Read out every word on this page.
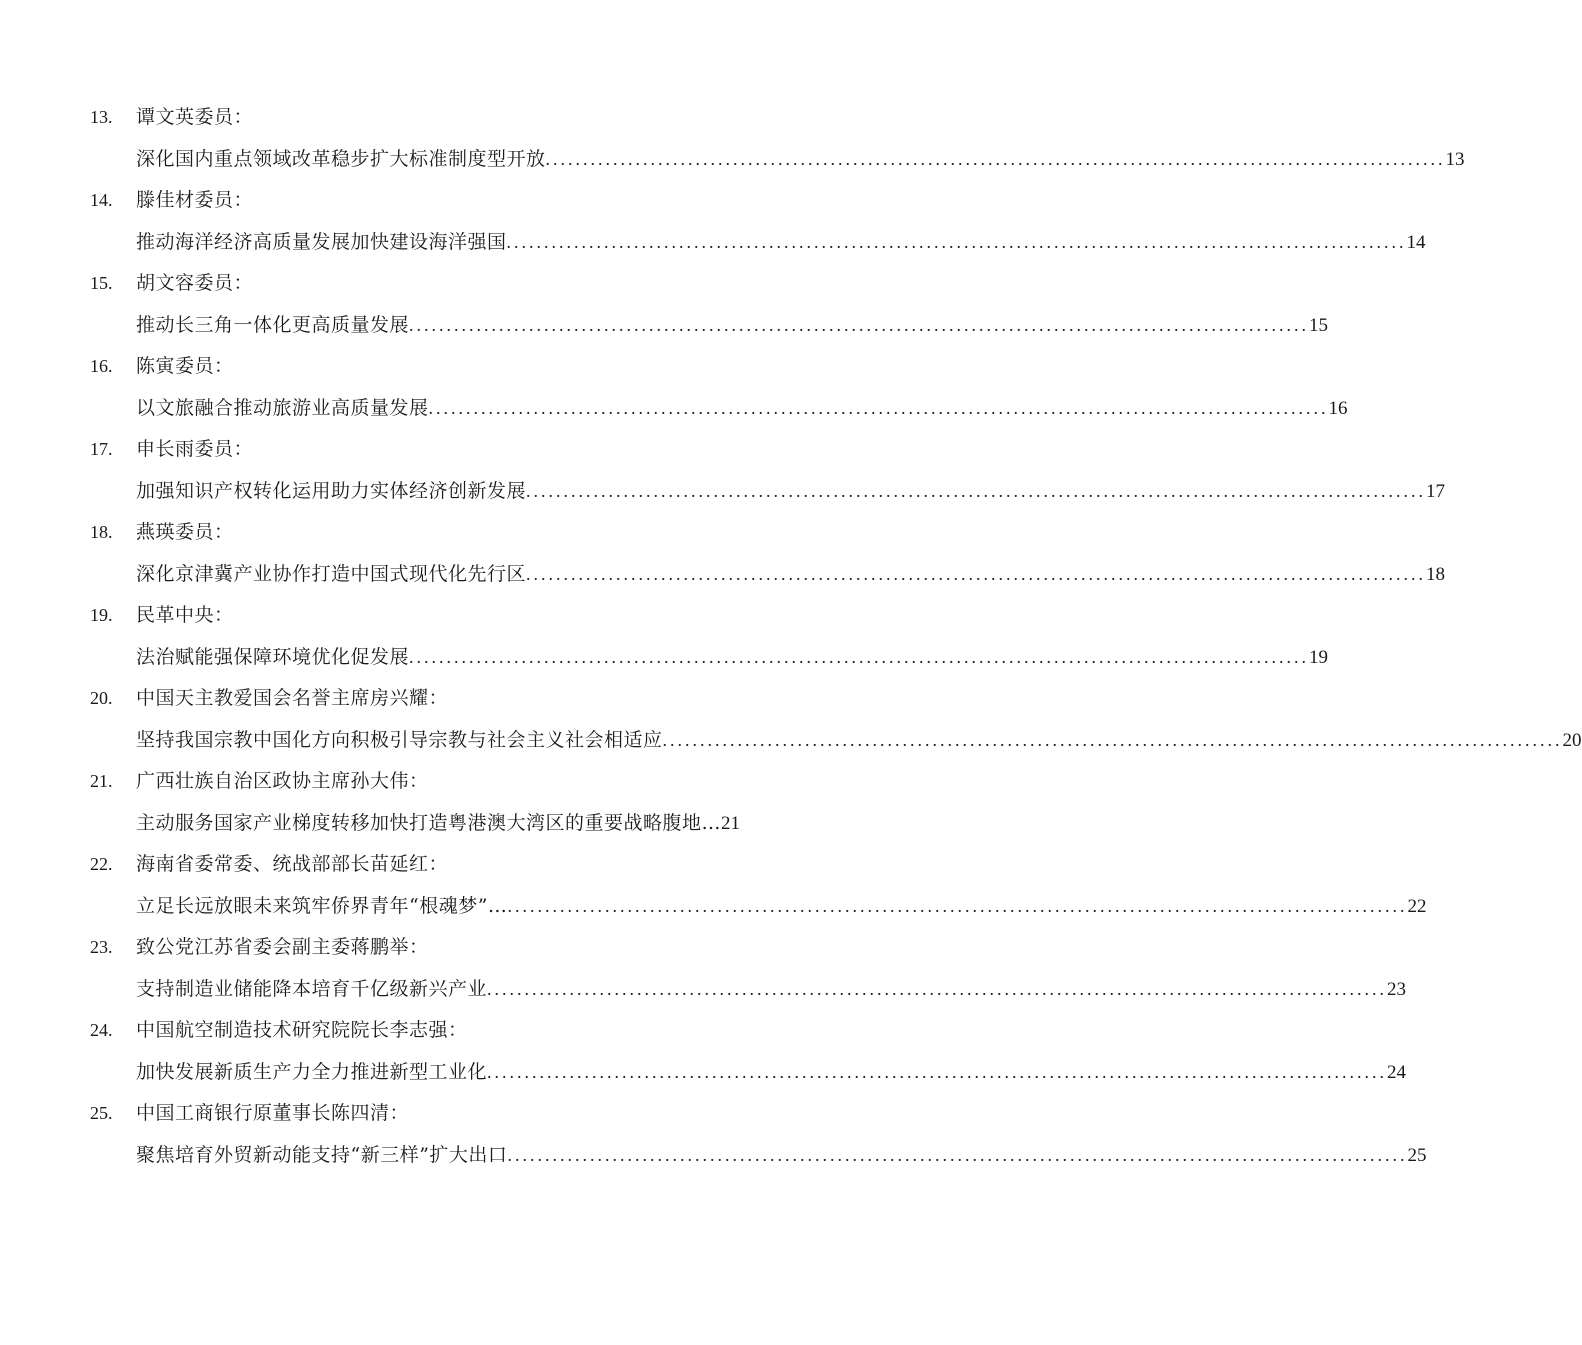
13.	谭文英委员：
深化国内重点领域改革稳步扩大标准制度型开放 ........................................................................................................................ 13
14.	滕佳材委员：
推动海洋经济高质量发展加快建设海洋强国 ........................................................................................................................ 14
15.	胡文容委员：
推动长三角一体化更高质量发展 ........................................................................................................................ 15
16.	陈寅委员：
以文旅融合推动旅游业高质量发展 ........................................................................................................................ 16
17.	申长雨委员：
加强知识产权转化运用助力实体经济创新发展 ........................................................................................................................ 17
18.	燕瑛委员：
深化京津冀产业协作打造中国式现代化先行区 ........................................................................................................................ 18
19.	民革中央：
法治赋能强保障环境优化促发展 ........................................................................................................................ 19
20.	中国天主教爱国会名誉主席房兴耀：
坚持我国宗教中国化方向积极引导宗教与社会主义社会相适应 ........................................................................................................................ 20
21.	广西壮族自治区政协主席孙大伟：
主动服务国家产业梯度转移加快打造粤港澳大湾区的重要战略腹地… 21
22.	海南省委常委、统战部部长苗延红：
立足长远放眼未来筑牢侨界青年“根魂梦”… ........................................................................................................................ 22
23.	致公党江苏省委会副主委蒋鹏举：
支持制造业储能降本培育千亿级新兴产业 ........................................................................................................................ 23
24.	中国航空制造技术研究院院长李志强：
加快发展新质生产力全力推进新型工业化 ........................................................................................................................ 24
25.	中国工商银行原董事长陈四清：
聚焦培育外贸新动能支持“新三样”扩大出口 ........................................................................................................................ 25
